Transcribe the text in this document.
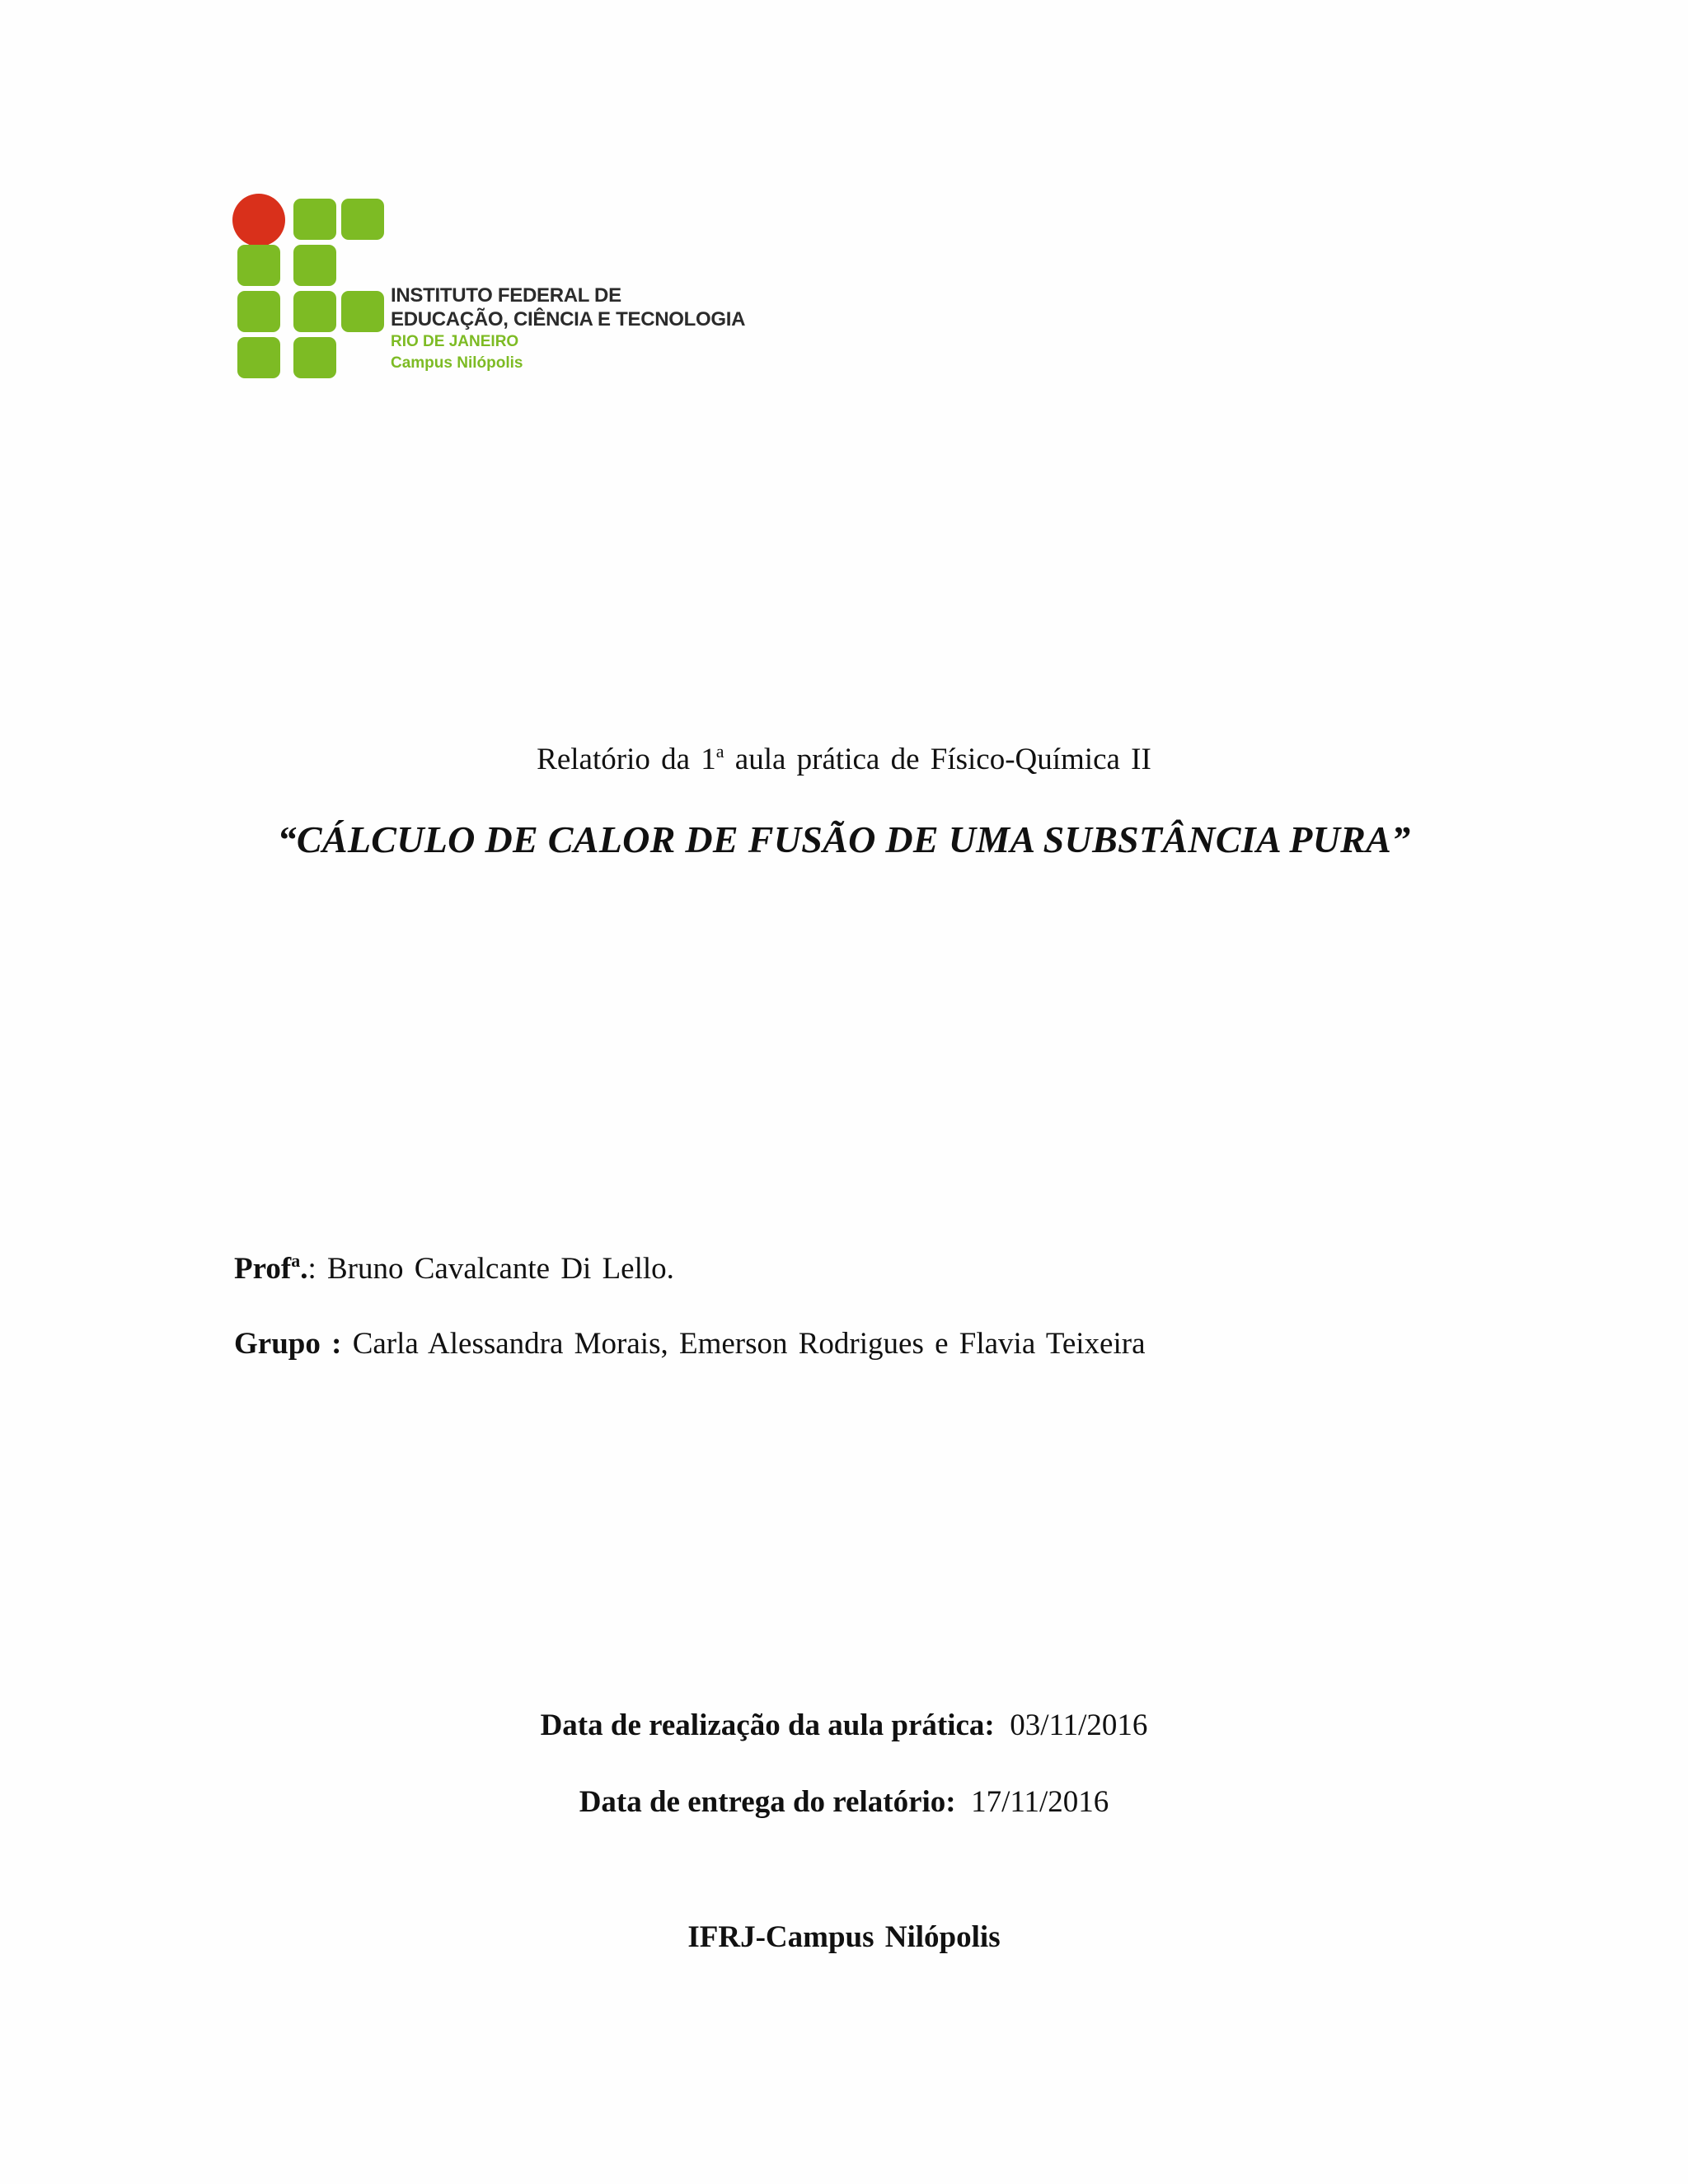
INSTITUTO FEDERAL DE
EDUCAÇÃO, CIÊNCIA E TECNOLOGIA
RIO DE JANEIRO
Campus Nilópolis
Relatório da 1$^a$ aula prática de Físico-Química II
“CÁLCULO DE CALOR DE FUSÃO DE UMA SUBSTÂNCIA PURA”
Prof$^a$.: Bruno Cavalcante Di Lello.
Grupo : Carla Alessandra Morais, Emerson Rodrigues e Flavia Teixeira
Data de realização da aula prática: 03/11/2016
Data de entrega do relatório: 17/11/2016
IFRJ-Campus Nilópolis
